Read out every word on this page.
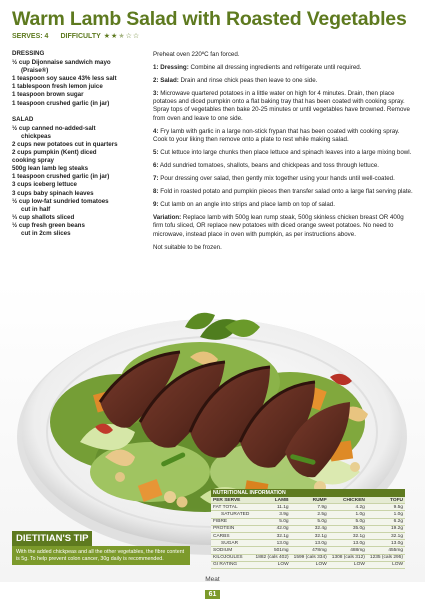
Warm Lamb Salad with Roasted Vegetables
SERVES: 4 DIFFICULTY ★ ★ ★ ☆ ☆
DRESSING
½ cup Dijonnaise sandwich mayo
(Praise®)
1 teaspoon soy sauce 43% less salt
1 tablespoon fresh lemon juice
1 teaspoon brown sugar
1 teaspoon crushed garlic (in jar)
SALAD
½ cup canned no-added-salt
chickpeas
2 cups new potatoes cut in quarters
2 cups pumpkin (Kent) diced
cooking spray
500g lean lamb leg steaks
1 teaspoon crushed garlic (in jar)
3 cups iceberg lettuce
3 cups baby spinach leaves
½ cup low-fat sundried tomatoes
cut in half
⅓ cup shallots sliced
½ cup fresh green beans
cut in 2cm slices

Preheat oven 220ºC fan forced.

1: Dressing: Combine all dressing ingredients and refrigerate until required.

2: Salad: Drain and rinse chick peas then leave to one side.

3: Microwave quartered potatoes in a little water on high for 4 minutes. Drain, then place potatoes and diced pumpkin onto a flat baking tray that has been coated with cooking spray. Spray tops of vegetables then bake 20-25 minutes or until vegetables have browned. Remove from oven and leave to one side.

4: Fry lamb with garlic in a large non-stick frypan that has been coated with cooking spray. Cook to your liking then remove onto a plate to rest while making salad.

5: Cut lettuce into large chunks then place lettuce and spinach leaves into a large mixing bowl.

6: Add sundried tomatoes, shallots, beans and chickpeas and toss through lettuce.

7: Pour dressing over salad, then gently mix together using your hands until well-coated.

8: Fold in roasted potato and pumpkin pieces then transfer salad onto a large flat serving plate.

9: Cut lamb on an angle into strips and place lamb on top of salad.

Variation: Replace lamb with 500g lean rump steak, 500g skinless chicken breast OR 400g firm tofu sliced, OR replace new potatoes with diced orange sweet potatoes. No need to microwave, instead place in oven with pumpkin, as per instructions above.

Not suitable to be frozen.

NUTRITIONAL INFORMATION
PER SERVE	LAMB	RUMP	CHICKEN	TOFU
FAT TOTAL	11.1g	7.9g	4.2g	9.5g
SATURATED	3.9g	2.5g	1.0g	1.0g
FIBRE	5.0g	5.0g	5.0g	6.2g
PROTEIN	42.0g	32.4g	35.0g	19.2g
CARBS	32.1g	32.1g	32.1g	32.1g
SUGAR	13.0g	13.0g	13.0g	13.0g
SODIUM	501mg	478mg	488mg	455mg
KILOJOULES	1882 (cals 402)	1599 (cals 334)	1308 (cals 312)	1235 (cals 295)
GI RATING	LOW	LOW	LOW	LOW
DIETITIAN'S TIP
With the added chickpeas and all the other vegetables, the fibre content is 5g. To help prevent colon cancer, 30g daily is recommended.
Meat
61
